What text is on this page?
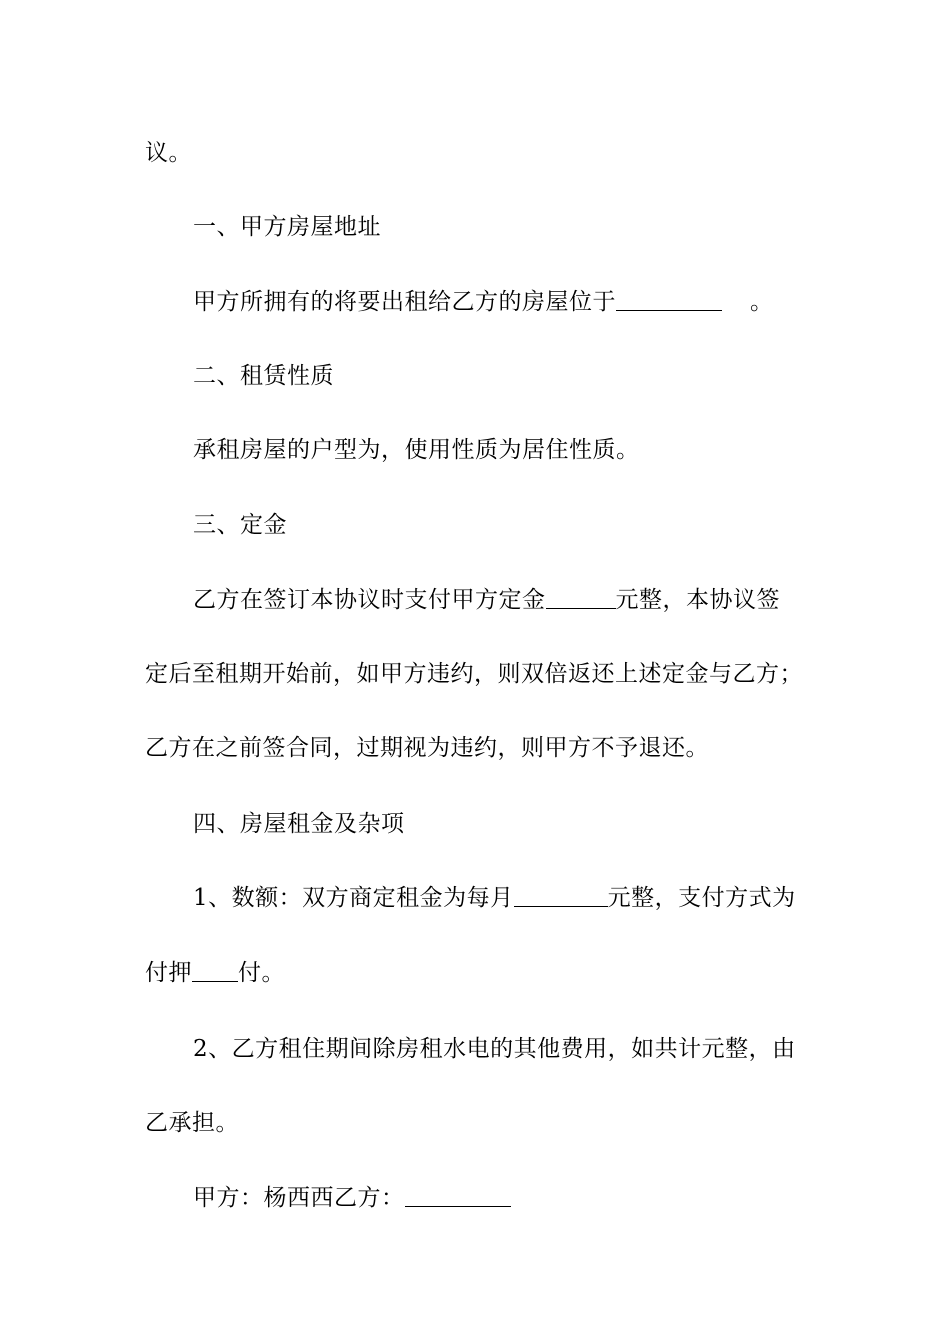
议。
一、甲方房屋地址
甲方所拥有的将要出租给乙方的房屋位于	。
二、租赁性质
承租房屋的户型为，使用性质为居住性质。
三、定金
乙方在签订本协议时支付甲方定金	元整，本协议签
定后至租期开始前，如甲方违约，则双倍返还上述定金与乙方；
乙方在之前签合同，过期视为违约，则甲方不予退还。
四、房屋租金及杂项
1、数额：双方商定租金为每月	元整，支付方式为
付押 付。
2、乙方租住期间除房租水电的其他费用，如共计元整，由
乙承担。
甲方：杨西西乙方：
